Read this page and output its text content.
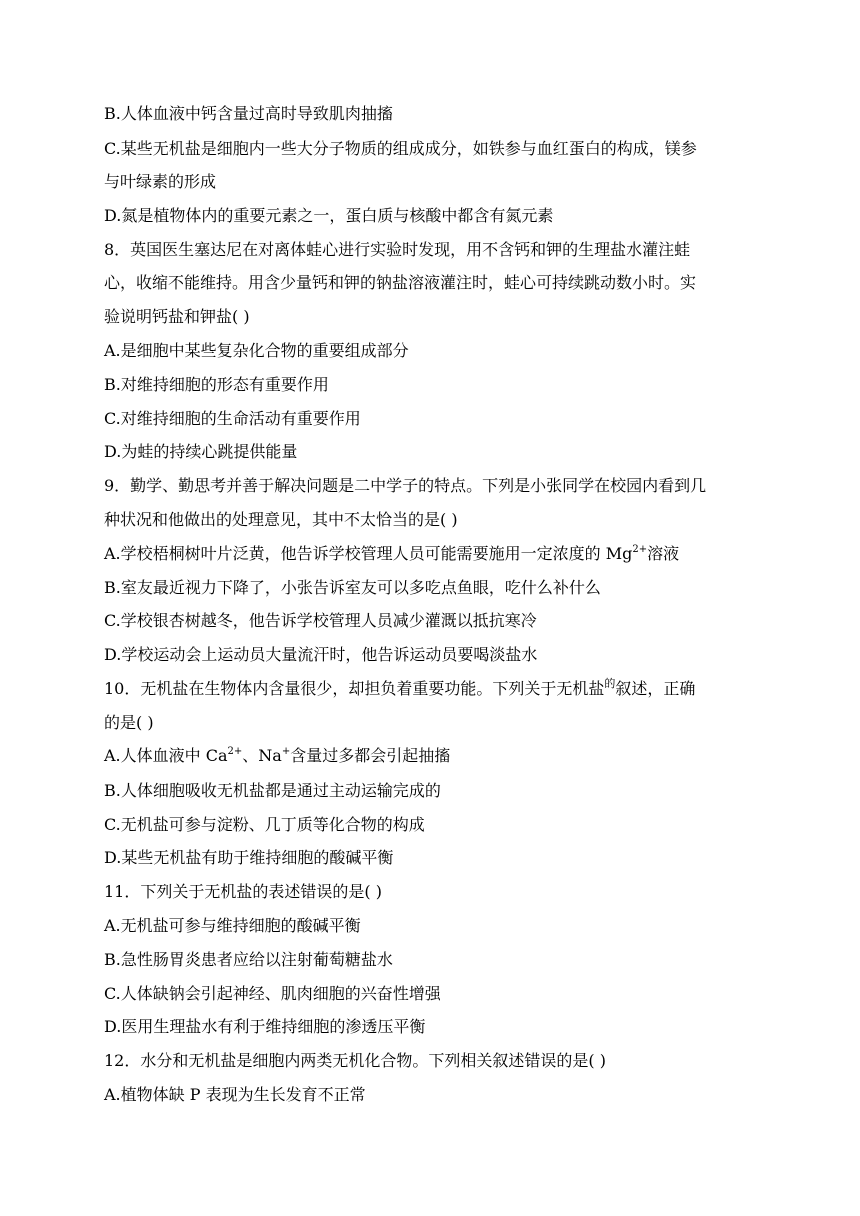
B.人体血液中钙含量过高时导致肌肉抽搐
C.某些无机盐是细胞内一些大分子物质的组成成分，如铁参与血红蛋白的构成，镁参
与叶绿素的形成
D.氮是植物体内的重要元素之一，蛋白质与核酸中都含有氮元素
8．英国医生塞达尼在对离体蛙心进行实验时发现，用不含钙和钾的生理盐水灌注蛙
心，收缩不能维持。用含少量钙和钾的钠盐溶液灌注时，蛙心可持续跳动数小时。实
验说明钙盐和钾盐( )
A.是细胞中某些复杂化合物的重要组成部分
B.对维持细胞的形态有重要作用
C.对维持细胞的生命活动有重要作用
D.为蛙的持续心跳提供能量
9．勤学、勤思考并善于解决问题是二中学子的特点。下列是小张同学在校园内看到几
种状况和他做出的处理意见，其中不太恰当的是( )
A.学校梧桐树叶片泛黄，他告诉学校管理人员可能需要施用一定浓度的 $Mg^{2+}$溶液
B.室友最近视力下降了，小张告诉室友可以多吃点鱼眼，吃什么补什么
C.学校银杏树越冬，他告诉学校管理人员减少灌溉以抵抗寒冷
D.学校运动会上运动员大量流汗时，他告诉运动员要喝淡盐水
10．无机盐在生物体内含量很少，却担负着重要功能。下列关于无机盐$^的$叙述，正确
的是( )
A.人体血液中 $Ca^{2+}$、Na+含量过多都会引起抽搐
B.人体细胞吸收无机盐都是通过主动运输完成的
C.无机盐可参与淀粉、几丁质等化合物的构成
D.某些无机盐有助于维持细胞的酸碱平衡
11．下列关于无机盐的表述错误的是( )
A.无机盐可参与维持细胞的酸碱平衡
B.急性肠胃炎患者应给以注射葡萄糖盐水
C.人体缺钠会引起神经、肌肉细胞的兴奋性增强
D.医用生理盐水有利于维持细胞的渗透压平衡
12．水分和无机盐是细胞内两类无机化合物。下列相关叙述错误的是( )
A.植物体缺 P 表现为生长发育不正常
